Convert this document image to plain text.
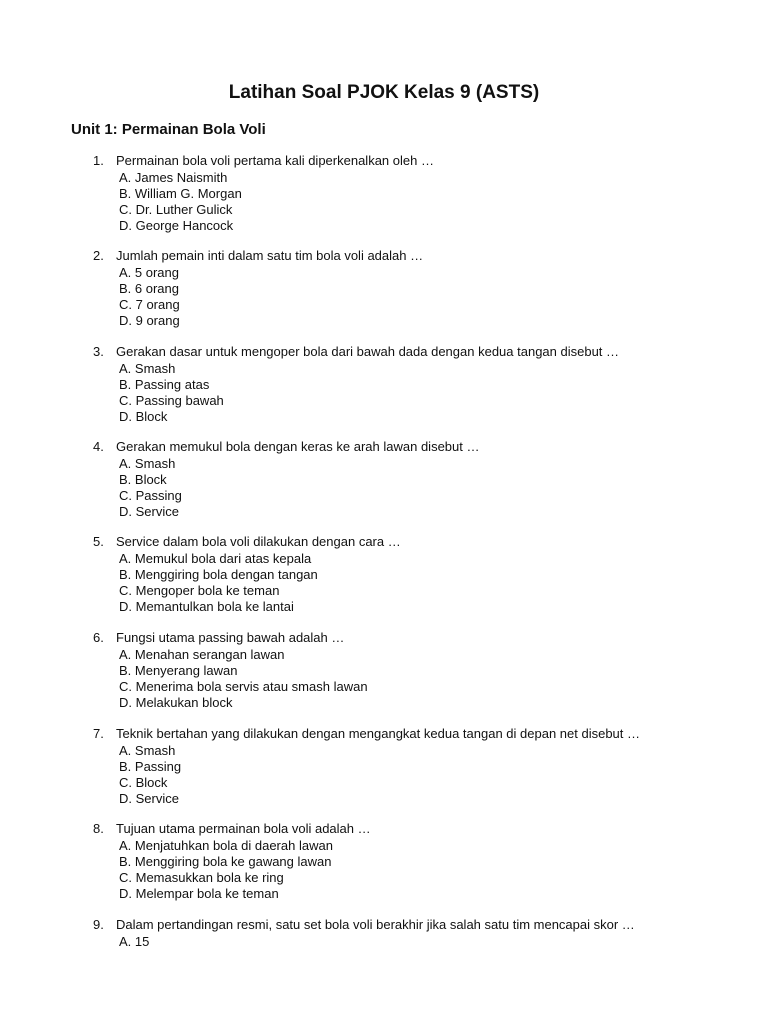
Latihan Soal PJOK Kelas 9 (ASTS)
Unit 1: Permainan Bola Voli
1. Permainan bola voli pertama kali diperkenalkan oleh …
A. James Naismith
B. William G. Morgan
C. Dr. Luther Gulick
D. George Hancock
2. Jumlah pemain inti dalam satu tim bola voli adalah …
A. 5 orang
B. 6 orang
C. 7 orang
D. 9 orang
3. Gerakan dasar untuk mengoper bola dari bawah dada dengan kedua tangan disebut …
A. Smash
B. Passing atas
C. Passing bawah
D. Block
4. Gerakan memukul bola dengan keras ke arah lawan disebut …
A. Smash
B. Block
C. Passing
D. Service
5. Service dalam bola voli dilakukan dengan cara …
A. Memukul bola dari atas kepala
B. Menggiring bola dengan tangan
C. Mengoper bola ke teman
D. Memantulkan bola ke lantai
6. Fungsi utama passing bawah adalah …
A. Menahan serangan lawan
B. Menyerang lawan
C. Menerima bola servis atau smash lawan
D. Melakukan block
7. Teknik bertahan yang dilakukan dengan mengangkat kedua tangan di depan net disebut …
A. Smash
B. Passing
C. Block
D. Service
8. Tujuan utama permainan bola voli adalah …
A. Menjatuhkan bola di daerah lawan
B. Menggiring bola ke gawang lawan
C. Memasukkan bola ke ring
D. Melempar bola ke teman
9. Dalam pertandingan resmi, satu set bola voli berakhir jika salah satu tim mencapai skor …
A. 15
